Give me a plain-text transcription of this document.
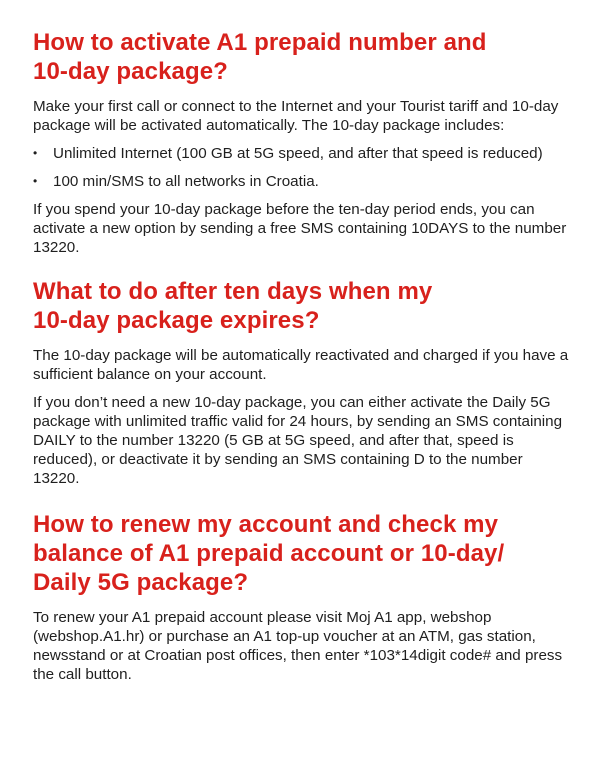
How to activate A1 prepaid number and
10-day package?

Make your first call or connect to the Internet and your Tourist tariff and 10-day package will be activated automatically. The 10-day package includes:

• Unlimited Internet (100 GB at 5G speed, and after that speed is reduced)
• 100 min/SMS to all networks in Croatia.

If you spend your 10-day package before the ten-day period ends, you can activate a new option by sending a free SMS containing 10DAYS to the number 13220.

What to do after ten days when my
10-day package expires?

The 10-day package will be automatically reactivated and charged if you have a sufficient balance on your account.

If you don’t need a new 10-day package, you can either activate the Daily 5G package with unlimited traffic valid for 24 hours, by sending an SMS containing DAILY to the number 13220 (5 GB at 5G speed, and after that, speed is reduced), or deactivate it by sending an SMS containing D to the number 13220.

How to renew my account and check my
balance of A1 prepaid account or 10-day/
Daily 5G package?

To renew your A1 prepaid account please visit Moj A1 app, webshop (webshop.A1.hr) or purchase an A1 top-up voucher at an ATM, gas station, newsstand or at Croatian post offices, then enter *103*14digit code# and press the call button.
